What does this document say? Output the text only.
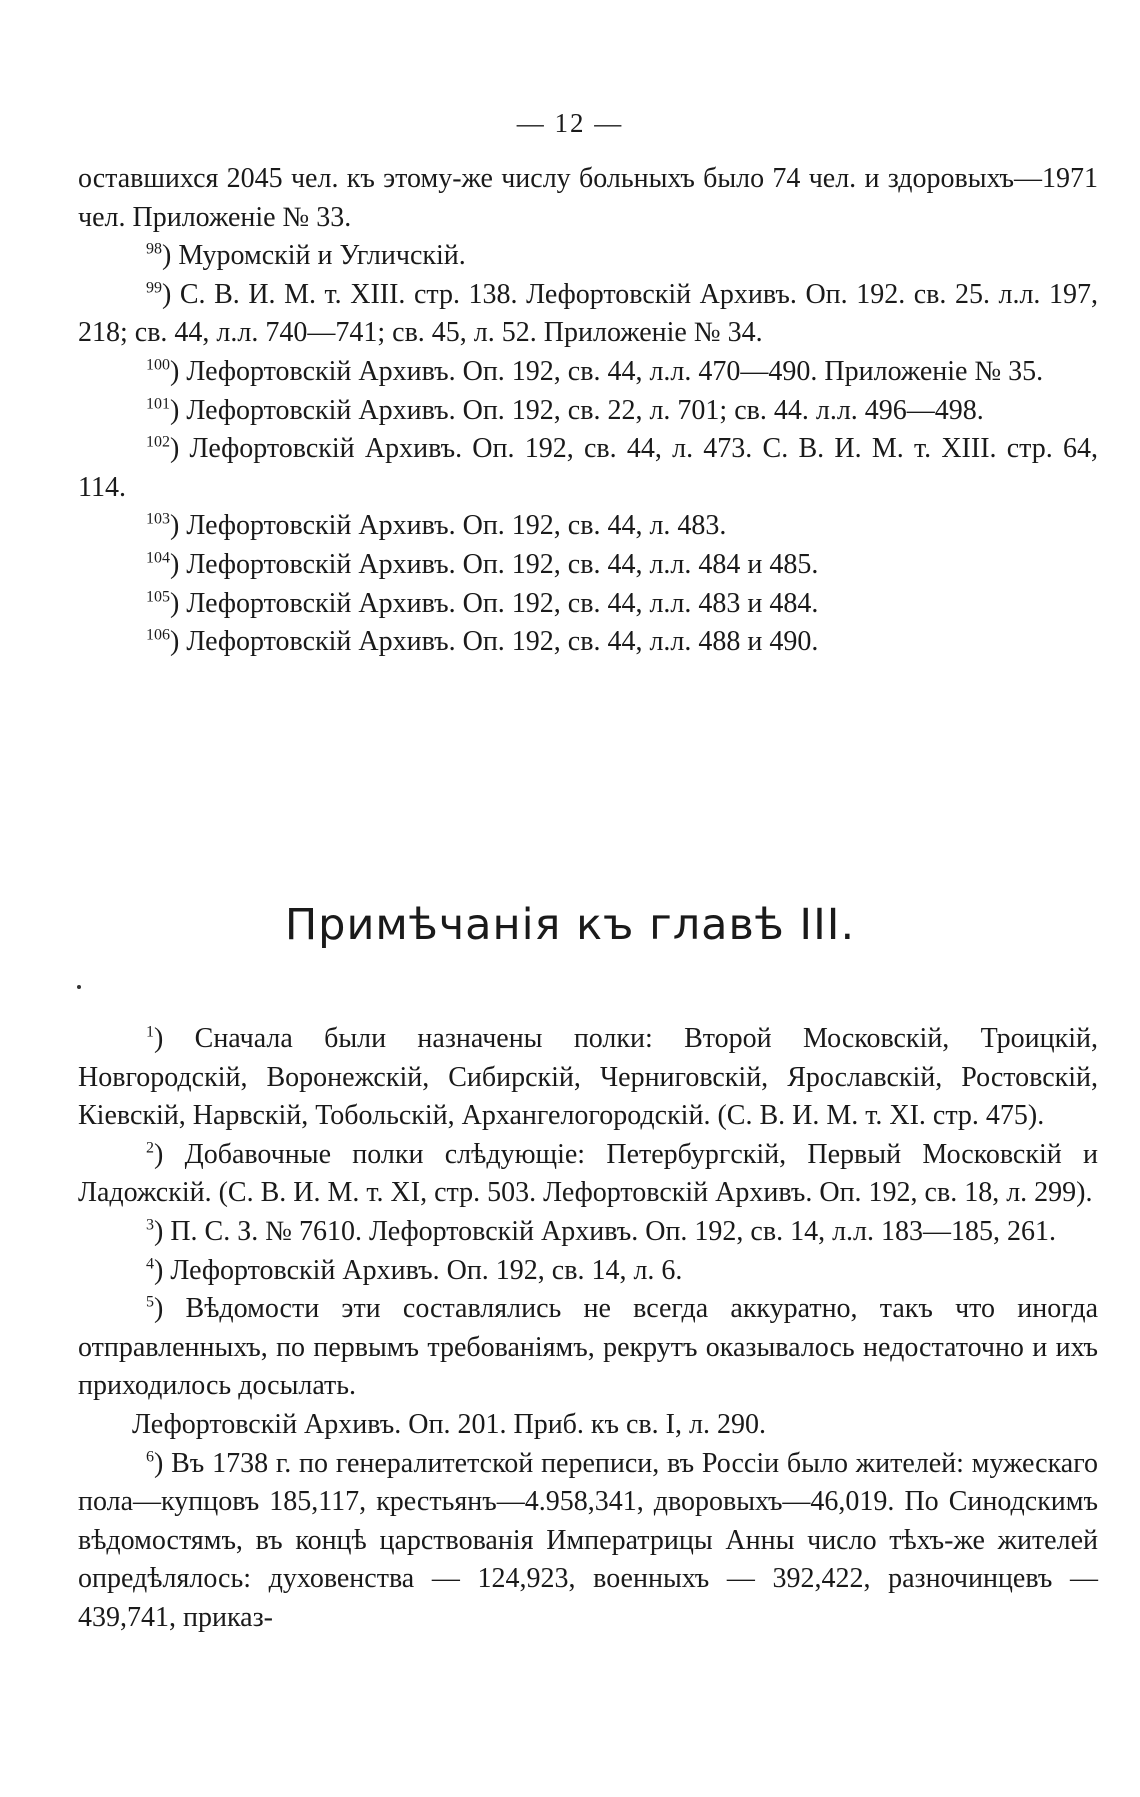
— 12 —

оставшихся 2045 чел. къ этому-же числу больныхъ было 74 чел. и здоровыхъ—1971 чел. Приложеніе № 33.

$^{98}$) Муромскій и Угличскій.

$^{99}$) С. В. И. М. т. XIII. стр. 138. Лефортовскій Архивъ. Оп. 192. св. 25. л.л. 197, 218; св. 44, л.л. 740—741; св. 45, л. 52. Приложеніе № 34.

$^{100}$) Лефортовскій Архивъ. Оп. 192, св. 44, л.л. 470—490. Приложеніе № 35.

$^{101}$) Лефортовскій Архивъ. Оп. 192, св. 22, л. 701; св. 44. л.л. 496—498.

$^{102}$) Лефортовскій Архивъ. Оп. 192, св. 44, л. 473. С. В. И. М. т. XIII. стр. 64, 114.

$^{103}$) Лефортовскій Архивъ. Оп. 192, св. 44, л. 483.

$^{104}$) Лефортовскій Архивъ. Оп. 192, св. 44, л.л. 484 и 485.

$^{105}$) Лефортовскій Архивъ. Оп. 192, св. 44, л.л. 483 и 484.

$^{106}$) Лефортовскій Архивъ. Оп. 192, св. 44, л.л. 488 и 490.

Примѣчанія къ главѣ III.

$^1$) Сначала были назначены полки: Второй Московскій, Троицкій, Новгородскій, Воронежскій, Сибирскій, Черниговскій, Ярославскій, Ростовскій, Кіевскій, Нарвскій, Тобольскій, Архангелогородскій. (С. В. И. М. т. XI. стр. 475).

$^2$) Добавочные полки слѣдующіе: Петербургскій, Первый Московскій и Ладожскій. (С. В. И. М. т. XI, стр. 503. Лефортовскій Архивъ. Оп. 192, св. 18, л. 299).

$^3$) П. С. З. № 7610. Лефортовскій Архивъ. Оп. 192, св. 14, л.л. 183—185, 261.

$^4$) Лефортовскій Архивъ. Оп. 192, св. 14, л. 6.

$^5$) Вѣдомости эти составлялись не всегда аккуратно, такъ что иногда отправленныхъ, по первымъ требованіямъ, рекрутъ оказывалось недостаточно и ихъ приходилось досылать.

Лефортовскій Архивъ. Оп. 201. Приб. къ св. I, л. 290.

$^6$) Въ 1738 г. по генералитетской переписи, въ Россіи было жителей: мужескаго пола—купцовъ 185,117, крестьянъ—4.958,341, дворовыхъ—46,019. По Синодскимъ вѣдомостямъ, въ концѣ царствованія Императрицы Анны число тѣхъ-же жителей опредѣлялось: духовенства — 124,923, военныхъ — 392,422, разночинцевъ — 439,741, приказ-
